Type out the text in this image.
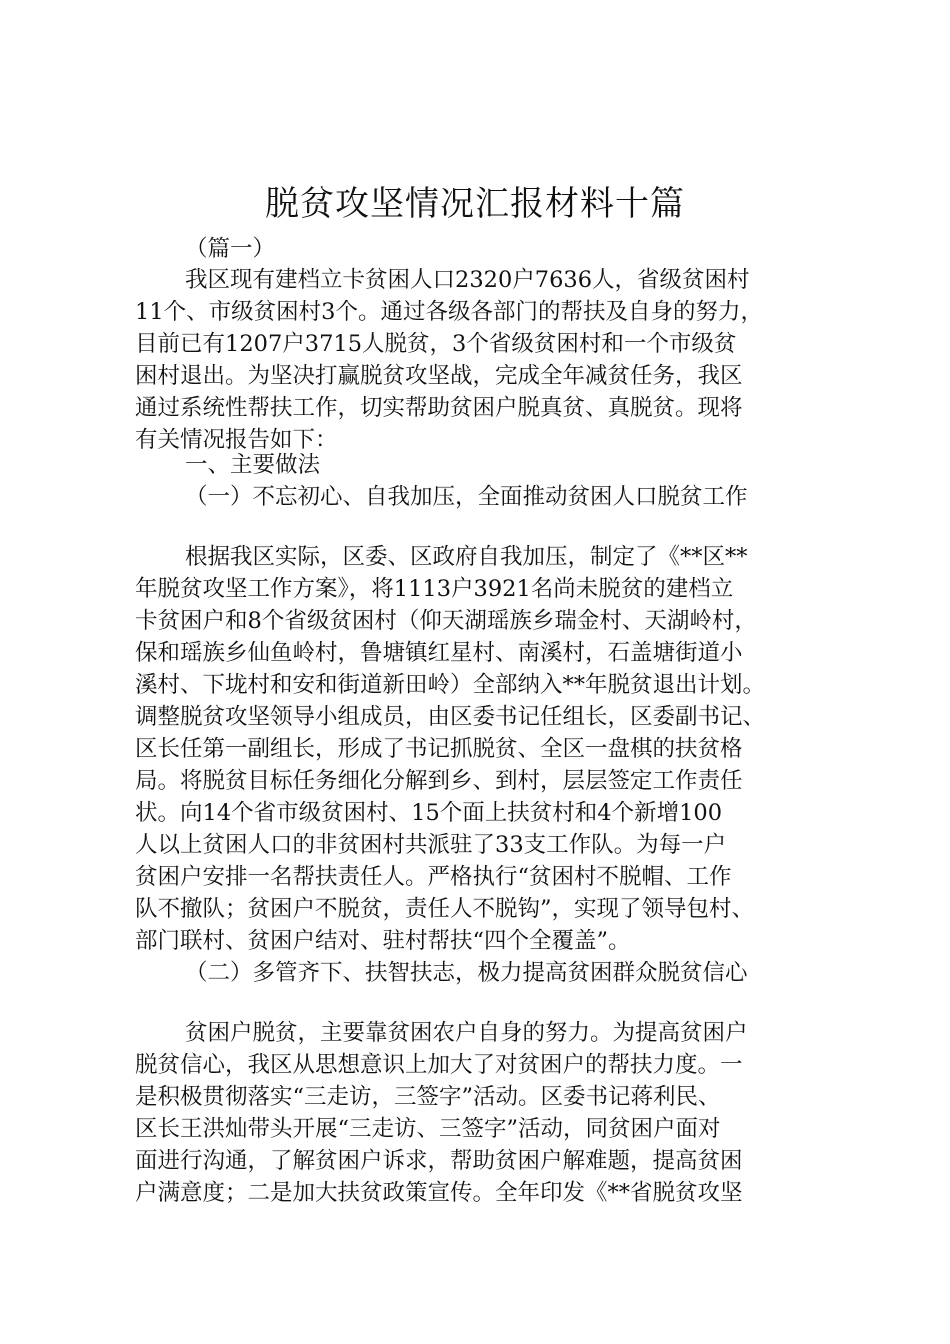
脱贫攻坚情况汇报材料十篇
（篇一）
我区现有建档立卡贫困人口2320户7636人，省级贫困村
11个、市级贫困村3个。通过各级各部门的帮扶及自身的努力，
目前已有1207户3715人脱贫，3个省级贫困村和一个市级贫
困村退出。为坚决打赢脱贫攻坚战，完成全年减贫任务，我区
通过系统性帮扶工作，切实帮助贫困户脱真贫、真脱贫。现将
有关情况报告如下：
一、主要做法
（一）不忘初心、自我加压，全面推动贫困人口脱贫工作
根据我区实际，区委、区政府自我加压，制定了《**区**
年脱贫攻坚工作方案》，将1113户3921名尚未脱贫的建档立
卡贫困户和8个省级贫困村（仰天湖瑶族乡瑞金村、天湖岭村，
保和瑶族乡仙鱼岭村，鲁塘镇红星村、南溪村，石盖塘街道小
溪村、下垅村和安和街道新田岭）全部纳入**年脱贫退出计划。
调整脱贫攻坚领导小组成员，由区委书记任组长，区委副书记、
区长任第一副组长，形成了书记抓脱贫、全区一盘棋的扶贫格
局。将脱贫目标任务细化分解到乡、到村，层层签定工作责任
状。向14个省市级贫困村、15个面上扶贫村和4个新增100
人以上贫困人口的非贫困村共派驻了33支工作队。为每一户
贫困户安排一名帮扶责任人。严格执行“贫困村不脱帽、工作
队不撤队；贫困户不脱贫，责任人不脱钩”，实现了领导包村、
部门联村、贫困户结对、驻村帮扶“四个全覆盖”。
（二）多管齐下、扶智扶志，极力提高贫困群众脱贫信心
贫困户脱贫，主要靠贫困农户自身的努力。为提高贫困户
脱贫信心，我区从思想意识上加大了对贫困户的帮扶力度。一
是积极贯彻落实“三走访，三签字”活动。区委书记蒋利民、
区长王洪灿带头开展“三走访、三签字”活动，同贫困户面对
面进行沟通，了解贫困户诉求，帮助贫困户解难题，提高贫困
户满意度；二是加大扶贫政策宣传。全年印发《**省脱贫攻坚
